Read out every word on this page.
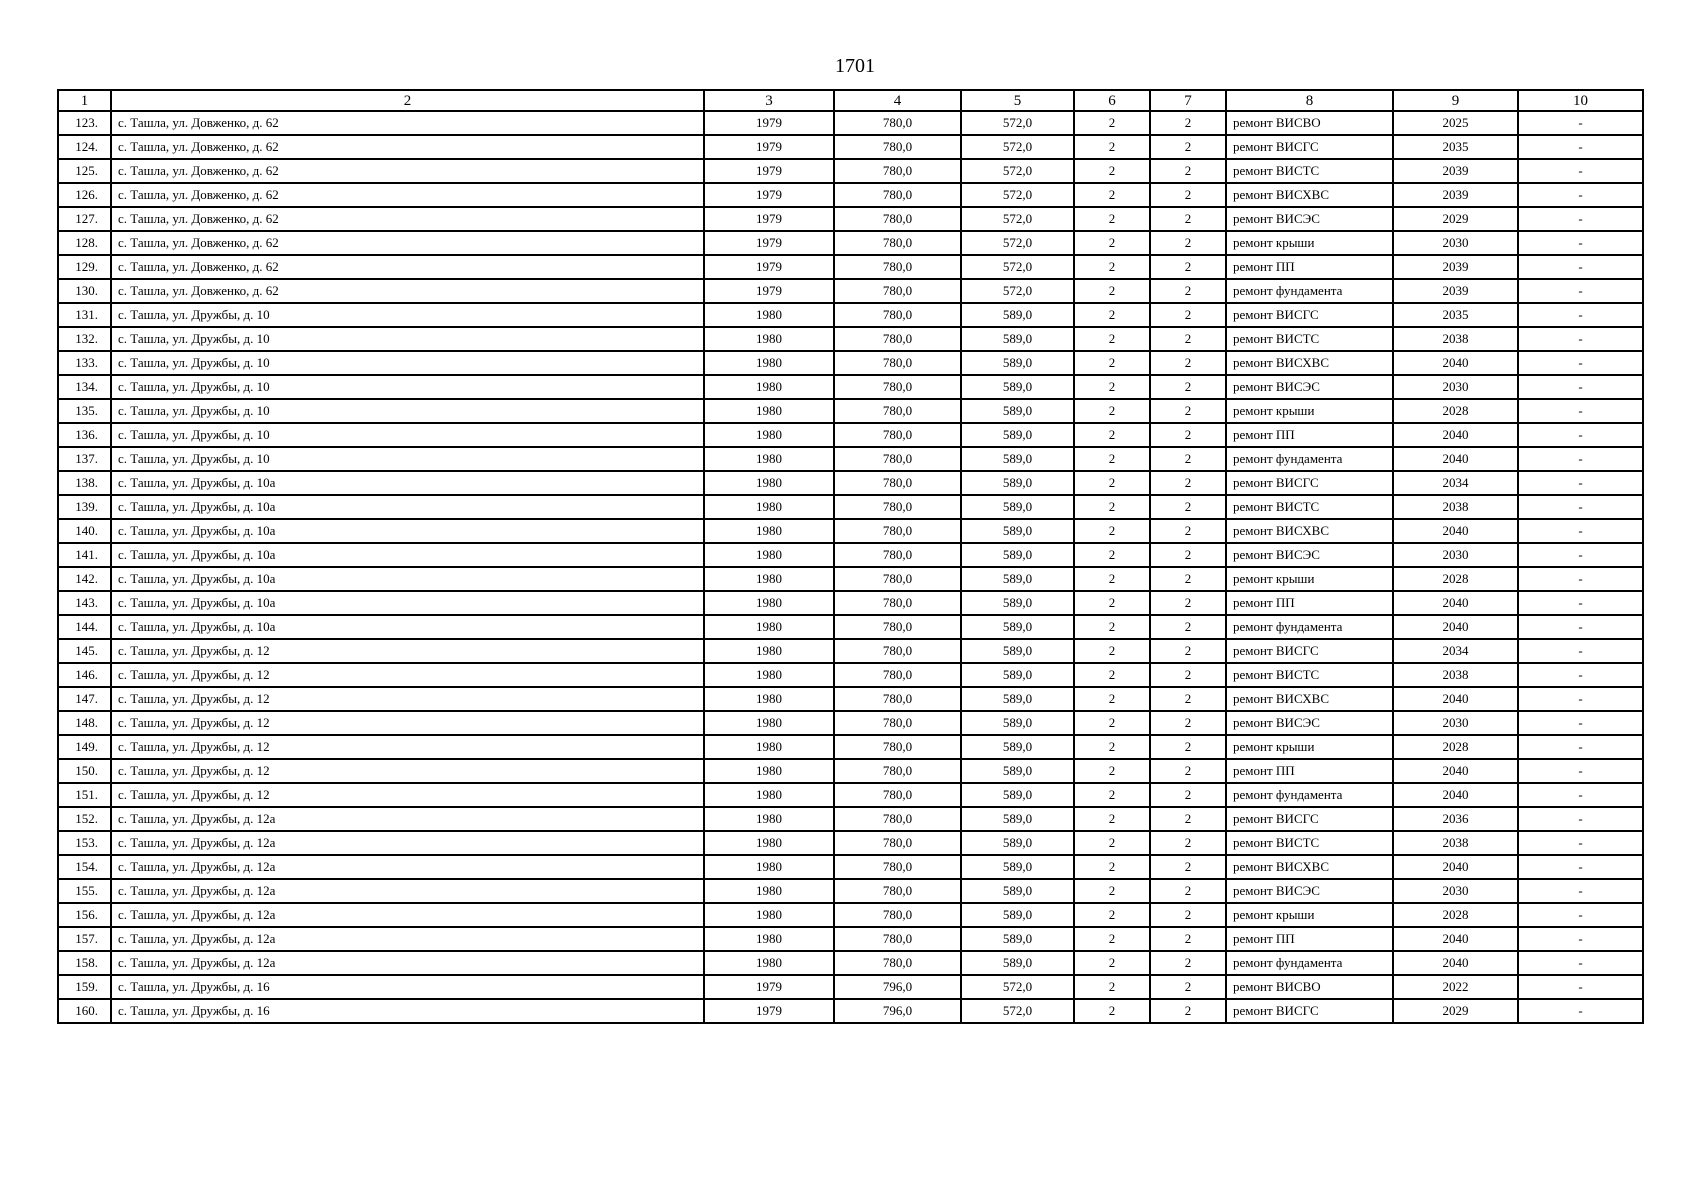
1701
1	2	3	4	5	6	7	8	9	10
123.	с. Ташла, ул. Довженко, д. 62	1979	780,0	572,0	2	2	ремонт ВИСВО	2025	-
124.	с. Ташла, ул. Довженко, д. 62	1979	780,0	572,0	2	2	ремонт ВИСГС	2035	-
125.	с. Ташла, ул. Довженко, д. 62	1979	780,0	572,0	2	2	ремонт ВИСТС	2039	-
126.	с. Ташла, ул. Довженко, д. 62	1979	780,0	572,0	2	2	ремонт ВИСХВС	2039	-
127.	с. Ташла, ул. Довженко, д. 62	1979	780,0	572,0	2	2	ремонт ВИСЭС	2029	-
128.	с. Ташла, ул. Довженко, д. 62	1979	780,0	572,0	2	2	ремонт крыши	2030	-
129.	с. Ташла, ул. Довженко, д. 62	1979	780,0	572,0	2	2	ремонт ПП	2039	-
130.	с. Ташла, ул. Довженко, д. 62	1979	780,0	572,0	2	2	ремонт фундамента	2039	-
131.	с. Ташла, ул. Дружбы, д. 10	1980	780,0	589,0	2	2	ремонт ВИСГС	2035	-
132.	с. Ташла, ул. Дружбы, д. 10	1980	780,0	589,0	2	2	ремонт ВИСТС	2038	-
133.	с. Ташла, ул. Дружбы, д. 10	1980	780,0	589,0	2	2	ремонт ВИСХВС	2040	-
134.	с. Ташла, ул. Дружбы, д. 10	1980	780,0	589,0	2	2	ремонт ВИСЭС	2030	-
135.	с. Ташла, ул. Дружбы, д. 10	1980	780,0	589,0	2	2	ремонт крыши	2028	-
136.	с. Ташла, ул. Дружбы, д. 10	1980	780,0	589,0	2	2	ремонт ПП	2040	-
137.	с. Ташла, ул. Дружбы, д. 10	1980	780,0	589,0	2	2	ремонт фундамента	2040	-
138.	с. Ташла, ул. Дружбы, д. 10а	1980	780,0	589,0	2	2	ремонт ВИСГС	2034	-
139.	с. Ташла, ул. Дружбы, д. 10а	1980	780,0	589,0	2	2	ремонт ВИСТС	2038	-
140.	с. Ташла, ул. Дружбы, д. 10а	1980	780,0	589,0	2	2	ремонт ВИСХВС	2040	-
141.	с. Ташла, ул. Дружбы, д. 10а	1980	780,0	589,0	2	2	ремонт ВИСЭС	2030	-
142.	с. Ташла, ул. Дружбы, д. 10а	1980	780,0	589,0	2	2	ремонт крыши	2028	-
143.	с. Ташла, ул. Дружбы, д. 10а	1980	780,0	589,0	2	2	ремонт ПП	2040	-
144.	с. Ташла, ул. Дружбы, д. 10а	1980	780,0	589,0	2	2	ремонт фундамента	2040	-
145.	с. Ташла, ул. Дружбы, д. 12	1980	780,0	589,0	2	2	ремонт ВИСГС	2034	-
146.	с. Ташла, ул. Дружбы, д. 12	1980	780,0	589,0	2	2	ремонт ВИСТС	2038	-
147.	с. Ташла, ул. Дружбы, д. 12	1980	780,0	589,0	2	2	ремонт ВИСХВС	2040	-
148.	с. Ташла, ул. Дружбы, д. 12	1980	780,0	589,0	2	2	ремонт ВИСЭС	2030	-
149.	с. Ташла, ул. Дружбы, д. 12	1980	780,0	589,0	2	2	ремонт крыши	2028	-
150.	с. Ташла, ул. Дружбы, д. 12	1980	780,0	589,0	2	2	ремонт ПП	2040	-
151.	с. Ташла, ул. Дружбы, д. 12	1980	780,0	589,0	2	2	ремонт фундамента	2040	-
152.	с. Ташла, ул. Дружбы, д. 12а	1980	780,0	589,0	2	2	ремонт ВИСГС	2036	-
153.	с. Ташла, ул. Дружбы, д. 12а	1980	780,0	589,0	2	2	ремонт ВИСТС	2038	-
154.	с. Ташла, ул. Дружбы, д. 12а	1980	780,0	589,0	2	2	ремонт ВИСХВС	2040	-
155.	с. Ташла, ул. Дружбы, д. 12а	1980	780,0	589,0	2	2	ремонт ВИСЭС	2030	-
156.	с. Ташла, ул. Дружбы, д. 12а	1980	780,0	589,0	2	2	ремонт крыши	2028	-
157.	с. Ташла, ул. Дружбы, д. 12а	1980	780,0	589,0	2	2	ремонт ПП	2040	-
158.	с. Ташла, ул. Дружбы, д. 12а	1980	780,0	589,0	2	2	ремонт фундамента	2040	-
159.	с. Ташла, ул. Дружбы, д. 16	1979	796,0	572,0	2	2	ремонт ВИСВО	2022	-
160.	с. Ташла, ул. Дружбы, д. 16	1979	796,0	572,0	2	2	ремонт ВИСГС	2029	-
